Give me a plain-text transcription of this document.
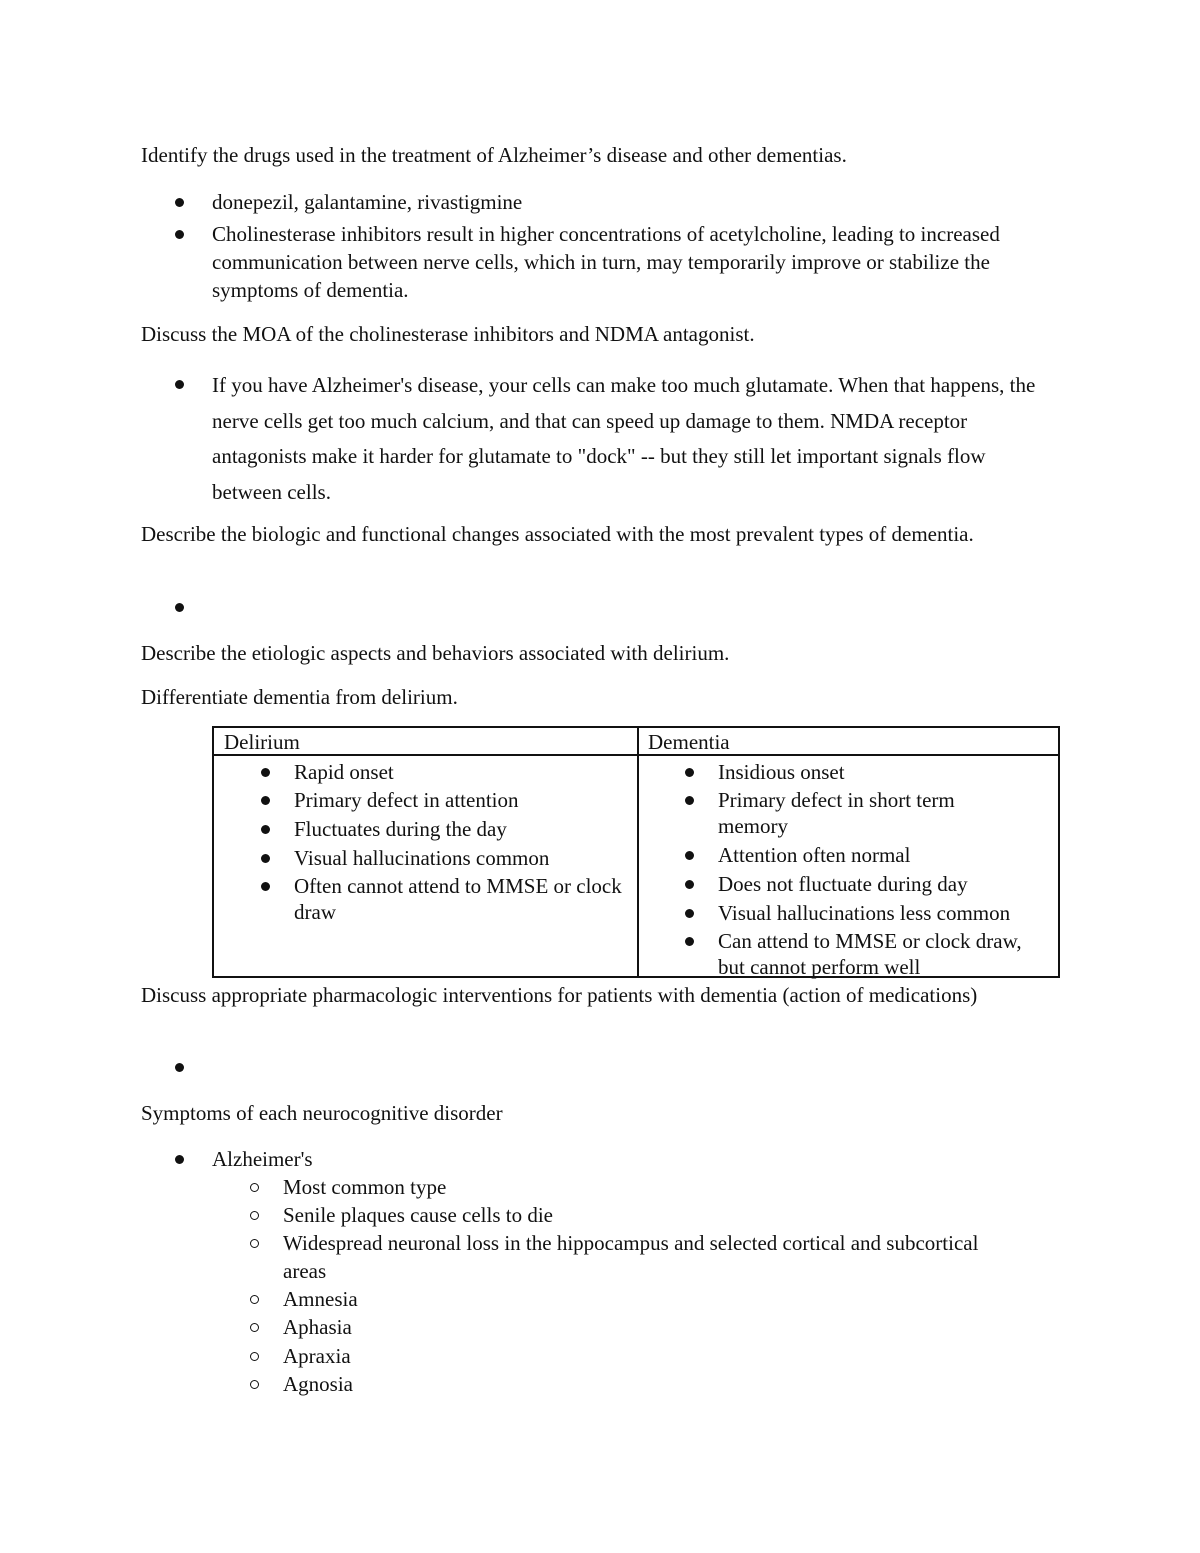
Identify the drugs used in the treatment of Alzheimer’s disease and other dementias.
donepezil, galantamine, rivastigmine
Cholinesterase inhibitors result in higher concentrations of acetylcholine, leading to increased communication between nerve cells, which in turn, may temporarily improve or stabilize the symptoms of dementia.
Discuss the MOA of the cholinesterase inhibitors and NDMA antagonist.
If you have Alzheimer's disease, your cells can make too much glutamate. When that happens, the nerve cells get too much calcium, and that can speed up damage to them. NMDA receptor antagonists make it harder for glutamate to "dock" -- but they still let important signals flow between cells.
Describe the biologic and functional changes associated with the most prevalent types of dementia.
Describe the etiologic aspects and behaviors associated with delirium.
Differentiate dementia from delirium.
Delirium	Dementia
Rapid onset
Primary defect in attention
Fluctuates during the day
Visual hallucinations common
Often cannot attend to MMSE or clock draw
Insidious onset
Primary defect in short term memory
Attention often normal
Does not fluctuate during day
Visual hallucinations less common
Can attend to MMSE or clock draw, but cannot perform well
Discuss appropriate pharmacologic interventions for patients with dementia (action of medications)
Symptoms of each neurocognitive disorder
Alzheimer's
Most common type
Senile plaques cause cells to die
Widespread neuronal loss in the hippocampus and selected cortical and subcortical areas
Amnesia
Aphasia
Apraxia
Agnosia
